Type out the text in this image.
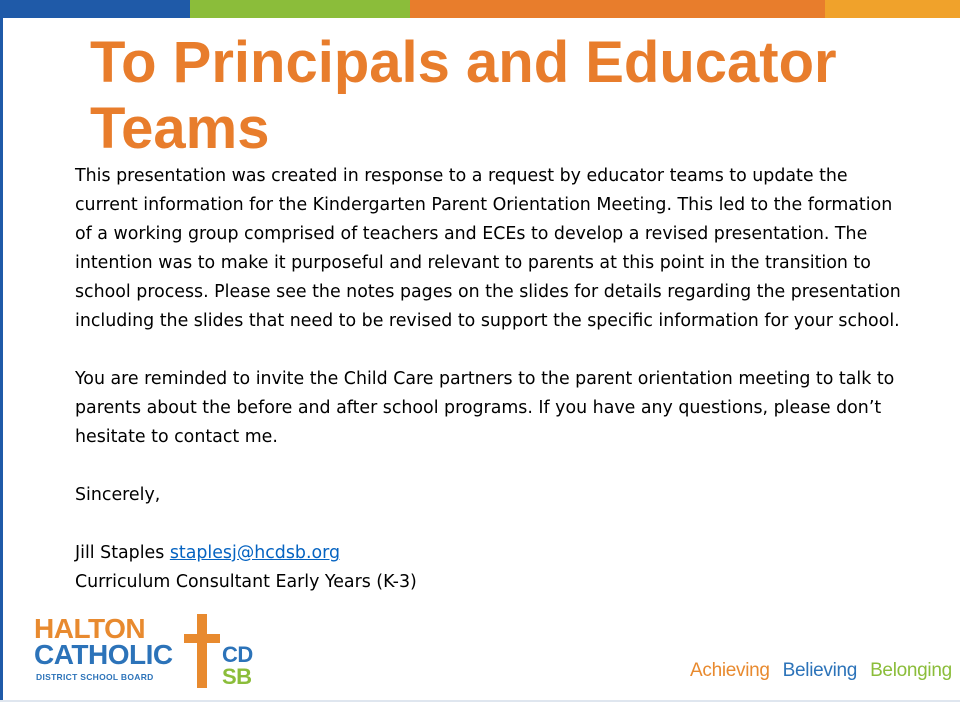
To Principals and Educator Teams

This presentation was created in response to a request by educator teams to update the current information for the Kindergarten Parent Orientation Meeting. This led to the formation of a working group comprised of teachers and ECEs to develop a revised presentation. The intention was to make it purposeful and relevant to parents at this point in the transition to school process. Please see the notes pages on the slides for details regarding the presentation including the slides that need to be revised to support the specific information for your school.

You are reminded to invite the Child Care partners to the parent orientation meeting to talk to parents about the before and after school programs. If you have any questions, please don’t hesitate to contact me.

Sincerely,

Jill Staples staplesj@hcdsb.org

Curriculum Consultant Early Years (K-3)

HALTON
CATHOLIC
DISTRICT SCHOOL BOARD
CD
SB	Achieving Believing Belonging
